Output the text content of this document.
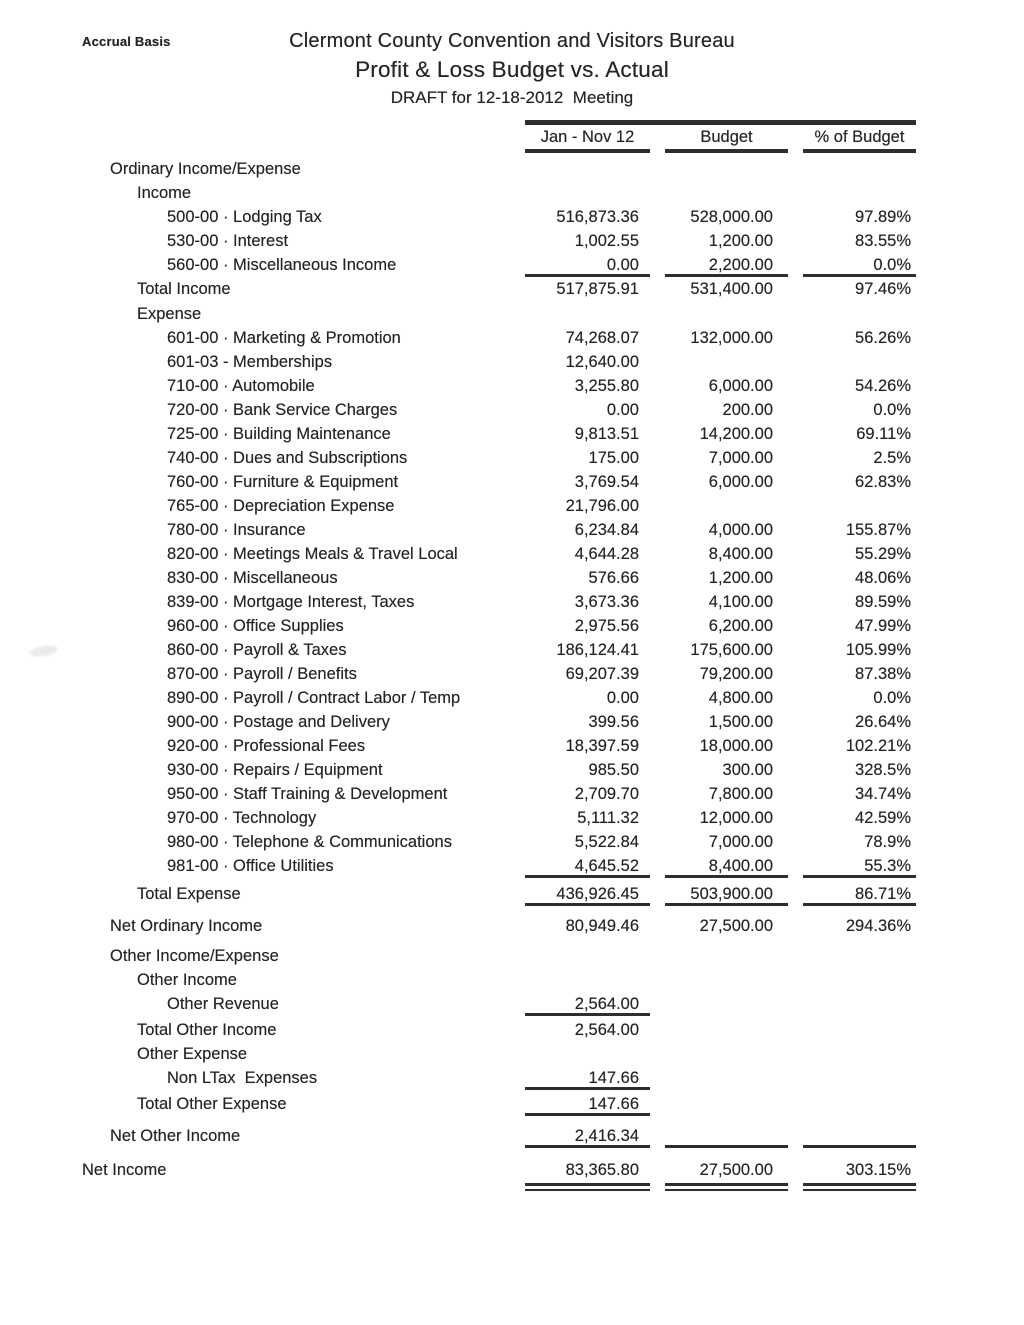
Accrual Basis	Clermont County Convention and Visitors Bureau
Profit & Loss Budget vs. Actual
DRAFT for 12-18-2012  Meeting
Jan - Nov 12	Budget	% of Budget
Ordinary Income/Expense
Income
500-00 · Lodging Tax	516,873.36	528,000.00	97.89%
530-00 · Interest	1,002.55	1,200.00	83.55%
560-00 · Miscellaneous Income	0.00	2,200.00	0.0%
Total Income	517,875.91	531,400.00	97.46%
Expense
601-00 · Marketing & Promotion	74,268.07	132,000.00	56.26%
601-03 - Memberships	12,640.00
710-00 · Automobile	3,255.80	6,000.00	54.26%
720-00 · Bank Service Charges	0.00	200.00	0.0%
725-00 · Building Maintenance	9,813.51	14,200.00	69.11%
740-00 · Dues and Subscriptions	175.00	7,000.00	2.5%
760-00 · Furniture & Equipment	3,769.54	6,000.00	62.83%
765-00 · Depreciation Expense	21,796.00
780-00 · Insurance	6,234.84	4,000.00	155.87%
820-00 · Meetings Meals & Travel Local	4,644.28	8,400.00	55.29%
830-00 · Miscellaneous	576.66	1,200.00	48.06%
839-00 · Mortgage Interest, Taxes	3,673.36	4,100.00	89.59%
960-00 · Office Supplies	2,975.56	6,200.00	47.99%
860-00 · Payroll & Taxes	186,124.41	175,600.00	105.99%
870-00 · Payroll / Benefits	69,207.39	79,200.00	87.38%
890-00 · Payroll / Contract Labor / Temp	0.00	4,800.00	0.0%
900-00 · Postage and Delivery	399.56	1,500.00	26.64%
920-00 · Professional Fees	18,397.59	18,000.00	102.21%
930-00 · Repairs / Equipment	985.50	300.00	328.5%
950-00 · Staff Training & Development	2,709.70	7,800.00	34.74%
970-00 · Technology	5,111.32	12,000.00	42.59%
980-00 · Telephone & Communications	5,522.84	7,000.00	78.9%
981-00 · Office Utilities	4,645.52	8,400.00	55.3%
Total Expense	436,926.45	503,900.00	86.71%
Net Ordinary Income	80,949.46	27,500.00	294.36%
Other Income/Expense
Other Income
Other Revenue	2,564.00
Total Other Income	2,564.00
Other Expense
Non LTax  Expenses	147.66
Total Other Expense	147.66
Net Other Income	2,416.34
Net Income	83,365.80	27,500.00	303.15%
